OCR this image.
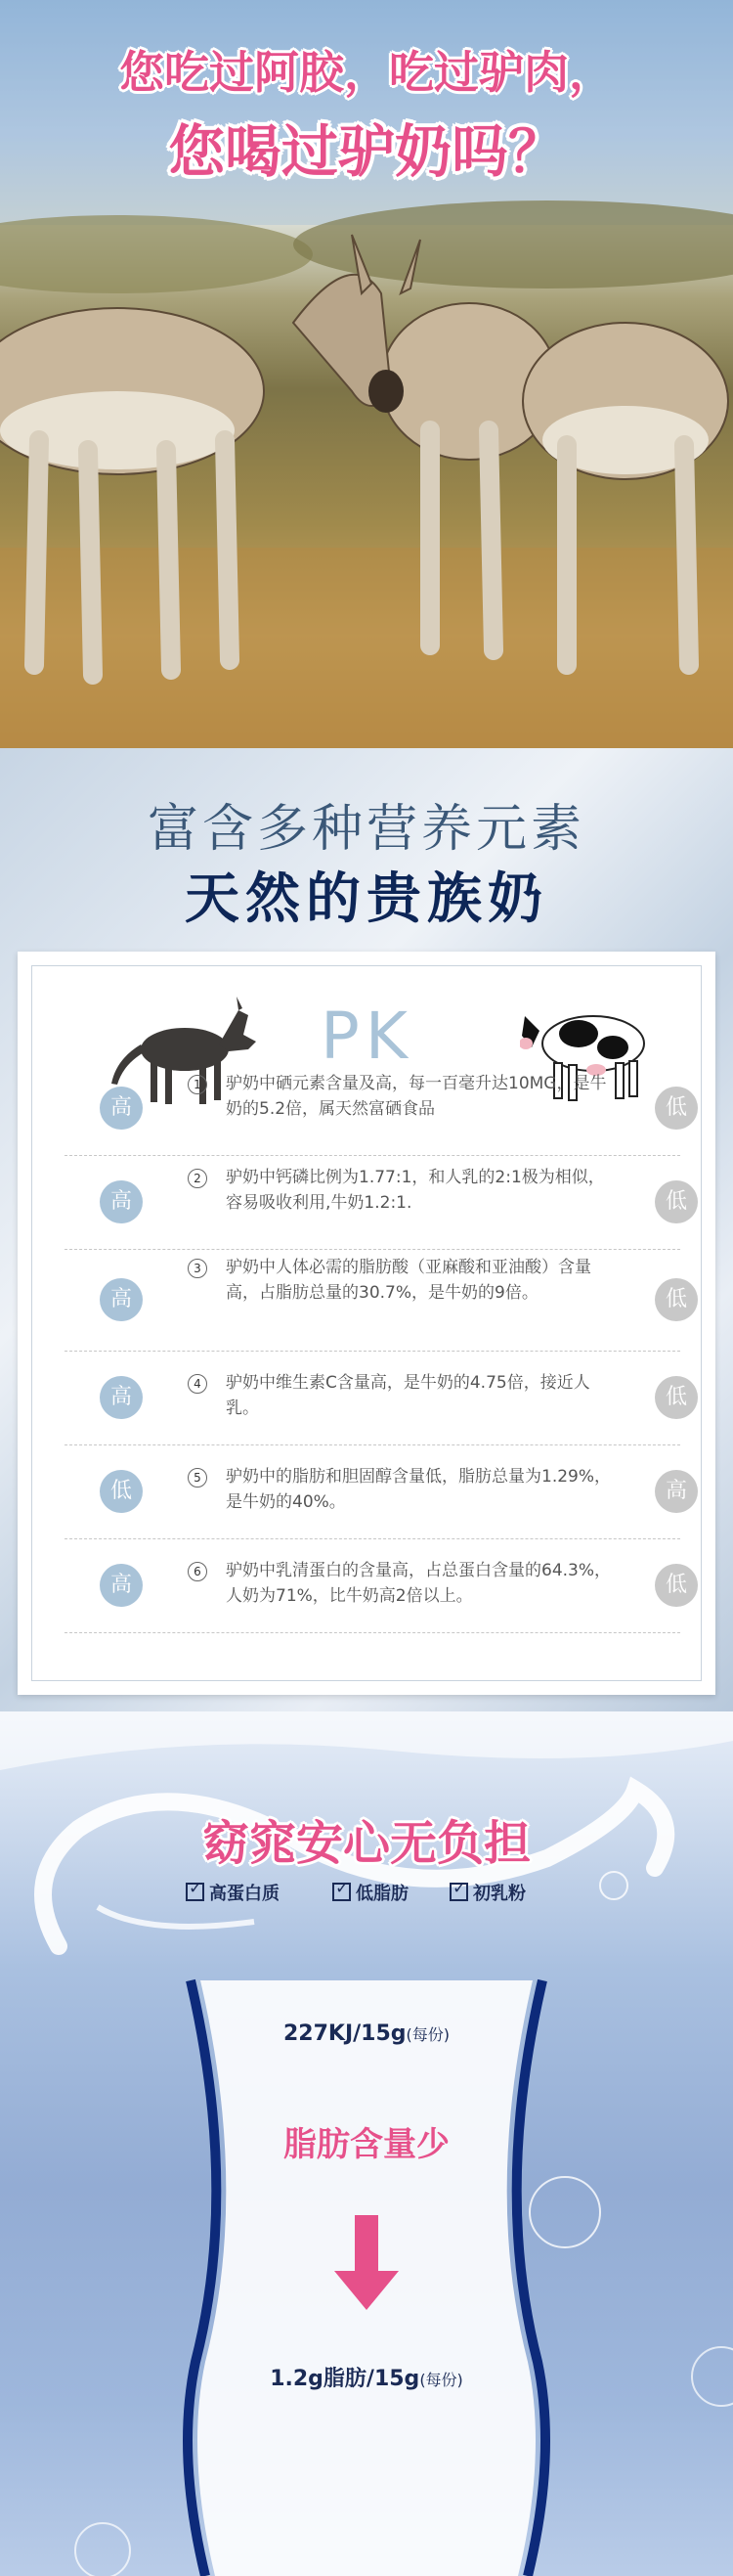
您吃过阿胶，吃过驴肉，
您喝过驴奶吗？
富含多种营养元素
天然的贵族奶
PK
高
1	驴奶中硒元素含量及高，每一百毫升达10MG，是牛奶的5.2倍，属天然富硒食品	低
高
2	驴奶中钙磷比例为1.77:1，和人乳的2:1极为相似，容易吸收利用,牛奶1.2:1.	低
高
3	驴奶中人体必需的脂肪酸（亚麻酸和亚油酸）含量高，占脂肪总量的30.7%，是牛奶的9倍。	低
高
4	驴奶中维生素C含量高，是牛奶的4.75倍，接近人乳。	低
低
5	驴奶中的脂肪和胆固醇含量低，脂肪总量为1.29%，是牛奶的40%。	高
高
6	驴奶中乳清蛋白的含量高，占总蛋白含量的64.3%，人奶为71%，比牛奶高2倍以上。	低
窈窕安心无负担
✓高蛋白质 ✓	低脂肪 ✓	初乳粉
227KJ/15g(每份)
脂肪含量少
1.2g脂肪/15g(每份)
